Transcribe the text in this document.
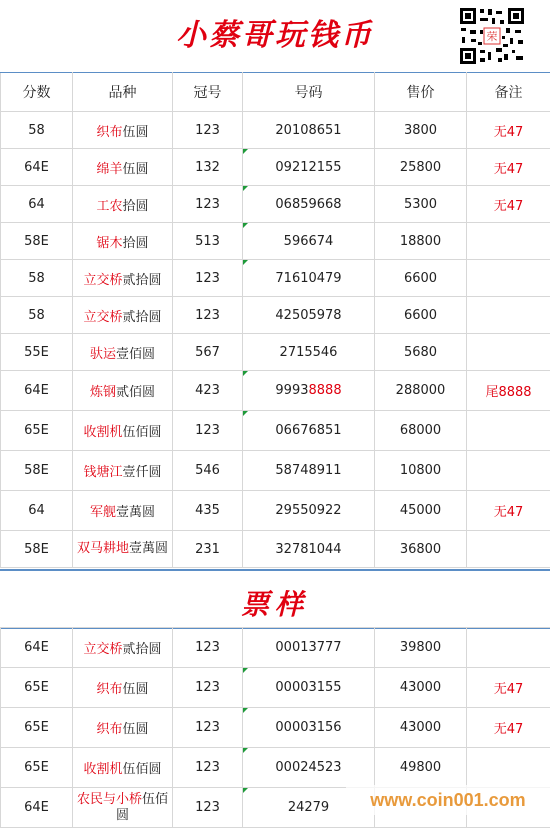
小蔡哥玩钱币	荣
分数	品种	冠号	号码	售价	备注
58	织布伍圆	123	20108651	3800	无47
64E	绵羊伍圆	132	09212155	25800	无47
64	工农拾圆	123	06859668	5300	无47
58E	锯木拾圆	513	596674	18800	
58	立交桥贰拾圆	123	71610479	6600	
58	立交桥贰拾圆	123	42505978	6600	
55E	驮运壹佰圆	567	2715546	5680	
64E	炼钢贰佰圆	423	99938888	288000	尾8888
65E	收割机伍佰圆	123	06676851	68000	
58E	钱塘江壹仟圆	546	58748911	10800	
64	军舰壹萬圆	435	29550922	45000	无47
58E	双马耕地壹萬圆	231	32781044	36800	
票样
64E	立交桥贰拾圆	123	00013777	39800	
65E	织布伍圆	123	00003155	43000	无47
65E	织布伍圆	123	00003156	43000	无47
65E	收割机伍佰圆	123	00024523	49800	
64E	农民与小桥伍佰圆	123	24279			www.coin001.com
